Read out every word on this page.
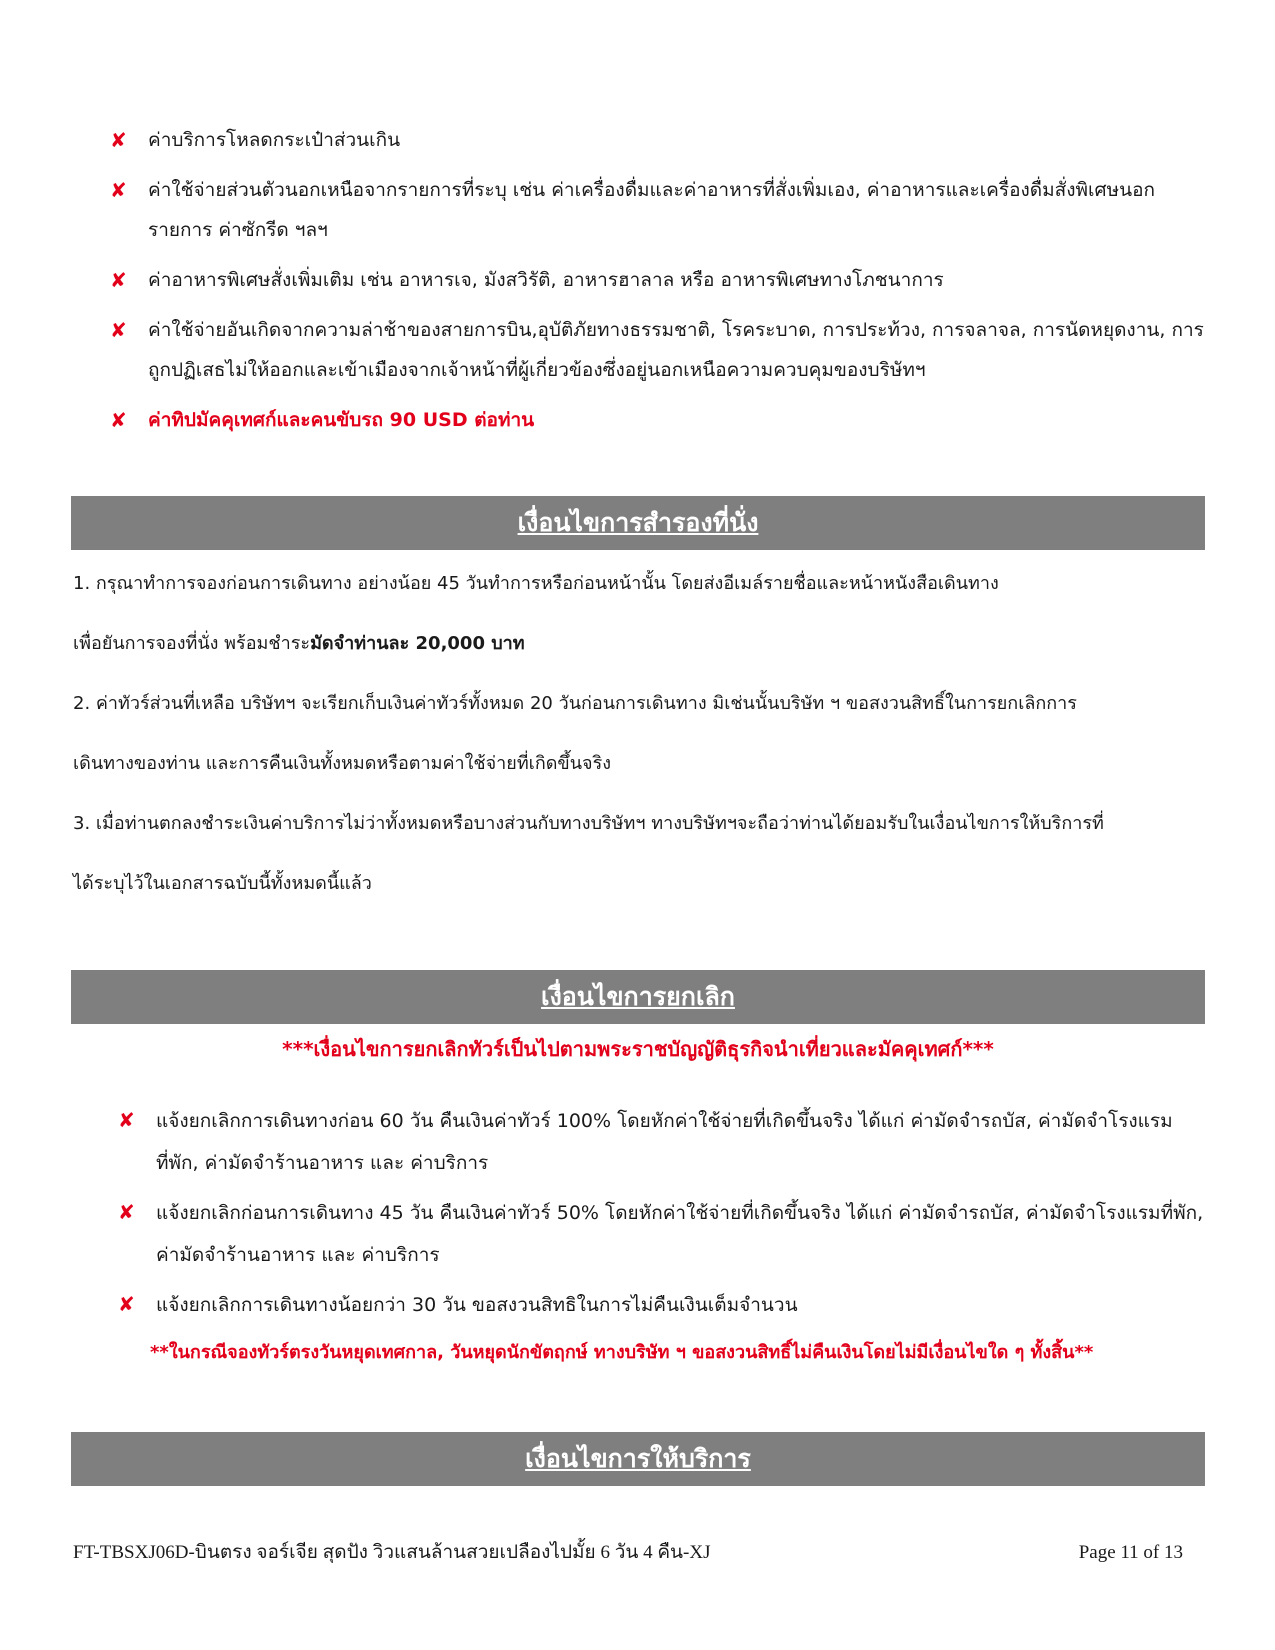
✘ ค่าบริการโหลดกระเป๋าส่วนเกิน
✘ ค่าใช้จ่ายส่วนตัวนอกเหนือจากรายการที่ระบุ เช่น ค่าเครื่องดื่มและค่าอาหารที่สั่งเพิ่มเอง, ค่าอาหารและเครื่องดื่มสั่งพิเศษนอกรายการ ค่าซักรีด ฯลฯ
✘ ค่าอาหารพิเศษสั่งเพิ่มเติม เช่น อาหารเจ, มังสวิรัติ, อาหารฮาลาล หรือ อาหารพิเศษทางโภชนาการ
✘ ค่าใช้จ่ายอันเกิดจากความล่าช้าของสายการบิน,อุบัติภัยทางธรรมชาติ, โรคระบาด, การประท้วง, การจลาจล, การนัดหยุดงาน, การถูกปฏิเสธไม่ให้ออกและเข้าเมืองจากเจ้าหน้าที่ผู้เกี่ยวข้องซึ่งอยู่นอกเหนือความควบคุมของบริษัทฯ
✘ ค่าทิปมัคคุเทศก์และคนขับรถ 90 USD ต่อท่าน
เงื่อนไขการสำรองที่นั่ง

1. กรุณาทำการจองก่อนการเดินทาง อย่างน้อย 45 วันทำการหรือก่อนหน้านั้น โดยส่งอีเมล์รายชื่อและหน้าหนังสือเดินทาง

เพื่อยันการจองที่นั่ง พร้อมชำระมัดจำท่านละ 20,000 บาท

2. ค่าทัวร์ส่วนที่เหลือ บริษัทฯ จะเรียกเก็บเงินค่าทัวร์ทั้งหมด 20 วันก่อนการเดินทาง มิเช่นนั้นบริษัท ฯ ขอสงวนสิทธิ์ในการยกเลิกการ

เดินทางของท่าน และการคืนเงินทั้งหมดหรือตามค่าใช้จ่ายที่เกิดขึ้นจริง

3. เมื่อท่านตกลงชำระเงินค่าบริการไม่ว่าทั้งหมดหรือบางส่วนกับทางบริษัทฯ ทางบริษัทฯจะถือว่าท่านได้ยอมรับในเงื่อนไขการให้บริการที่

ได้ระบุไว้ในเอกสารฉบับนี้ทั้งหมดนี้แล้ว

เงื่อนไขการยกเลิก
***เงื่อนไขการยกเลิกทัวร์เป็นไปตามพระราชบัญญัติธุรกิจนำเที่ยวและมัคคุเทศก์***
✘ แจ้งยกเลิกการเดินทางก่อน 60 วัน คืนเงินค่าทัวร์ 100% โดยหักค่าใช้จ่ายที่เกิดขึ้นจริง ได้แก่ ค่ามัดจำรถบัส, ค่ามัดจำโรงแรมที่พัก, ค่ามัดจำร้านอาหาร และ ค่าบริการ
✘ แจ้งยกเลิกก่อนการเดินทาง 45 วัน คืนเงินค่าทัวร์ 50% โดยหักค่าใช้จ่ายที่เกิดขึ้นจริง ได้แก่ ค่ามัดจำรถบัส, ค่ามัดจำโรงแรมที่พัก, ค่ามัดจำร้านอาหาร และ ค่าบริการ
✘ แจ้งยกเลิกการเดินทางน้อยกว่า 30 วัน ขอสงวนสิทธิในการไม่คืนเงินเต็มจำนวน
**ในกรณีจองทัวร์ตรงวันหยุดเทศกาล, วันหยุดนักขัตฤกษ์ ทางบริษัท ฯ ขอสงวนสิทธิ์ไม่คืนเงินโดยไม่มีเงื่อนไขใด ๆ ทั้งสิ้น**
เงื่อนไขการให้บริการ
FT-TBSXJ06D-บินตรง จอร์เจีย สุดปัง วิวแสนล้านสวยเปลืองไปมั้ย 6 วัน 4 คืน-XJ	Page 11 of 13
